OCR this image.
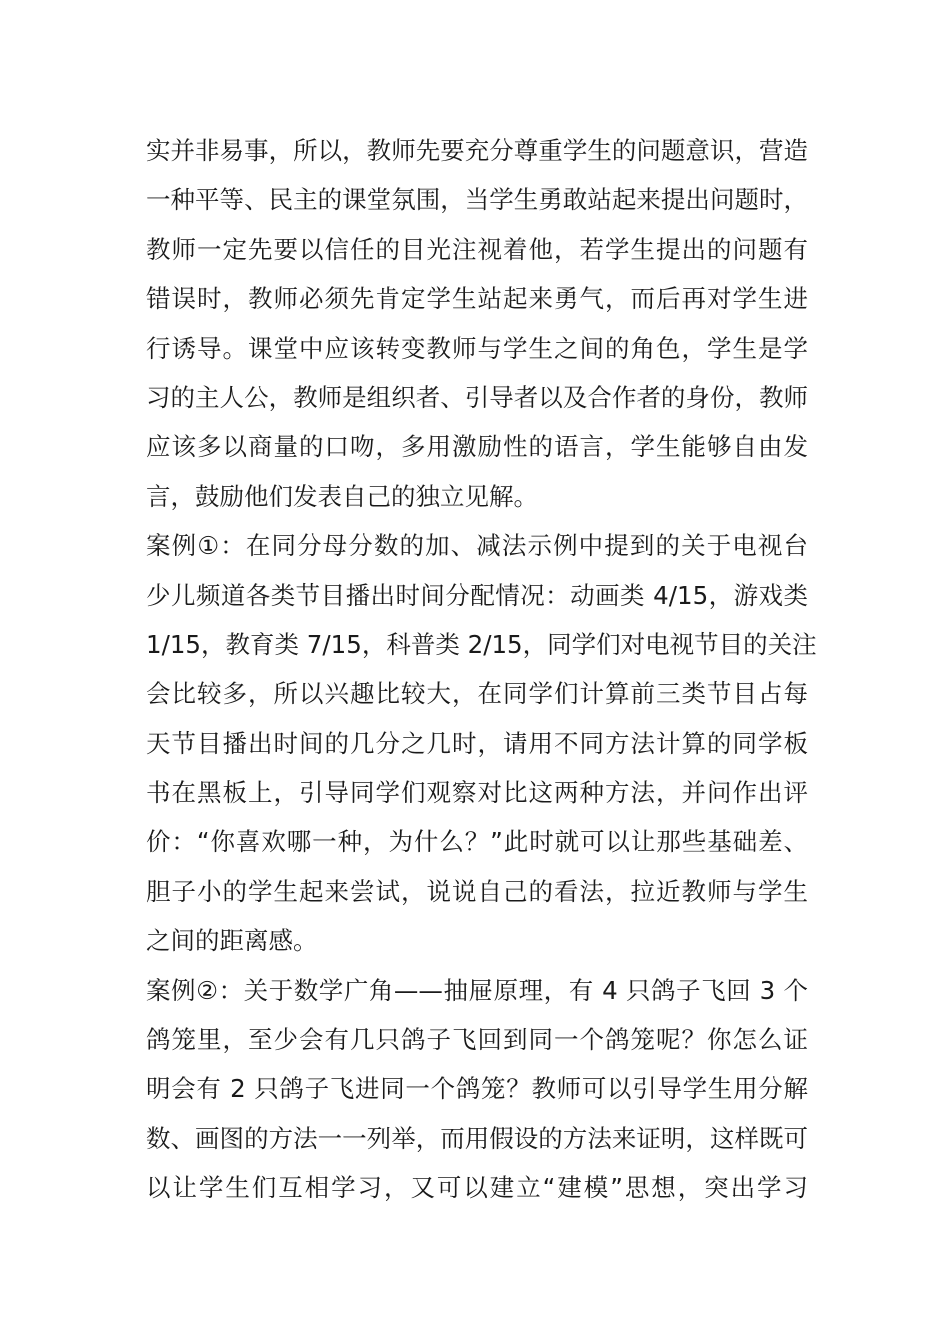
实并非易事，所以，教师先要充分尊重学生的问题意识，营造
一种平等、民主的课堂氛围，当学生勇敢站起来提出问题时，
教师一定先要以信任的目光注视着他，若学生提出的问题有
错误时，教师必须先肯定学生站起来勇气，而后再对学生进
行诱导。课堂中应该转变教师与学生之间的角色，学生是学
习的主人公，教师是组织者、引导者以及合作者的身份，教师
应该多以商量的口吻，多用激励性的语言，学生能够自由发
言，鼓励他们发表自己的独立见解。
案例①：在同分母分数的加、减法示例中提到的关于电视台
少儿频道各类节目播出时间分配情况：动画类 4/15，游戏类
1/15，教育类 7/15，科普类 2/15，同学们对电视节目的关注
会比较多，所以兴趣比较大，在同学们计算前三类节目占每
天节目播出时间的几分之几时，请用不同方法计算的同学板
书在黑板上，引导同学们观察对比这两种方法，并问作出评
价：“你喜欢哪一种，为什么？”此时就可以让那些基础差、
胆子小的学生起来尝试，说说自己的看法，拉近教师与学生
之间的距离感。
案例②：关于数学广角——抽屉原理，有 4 只鸽子飞回 3 个
鸽笼里，至少会有几只鸽子飞回到同一个鸽笼呢？你怎么证
明会有 2 只鸽子飞进同一个鸽笼？教师可以引导学生用分解
数、画图的方法一一列举，而用假设的方法来证明，这样既可
以让学生们互相学习，又可以建立“建模”思想，突出学习
